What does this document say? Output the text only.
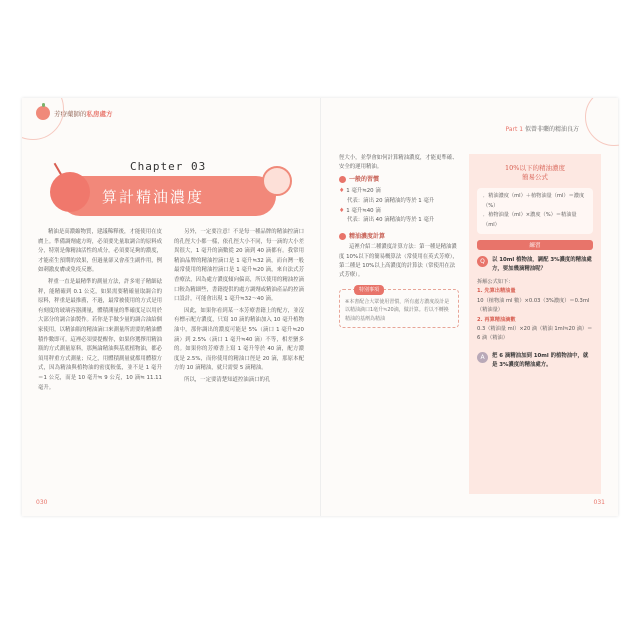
芳療藥師的私房處方
Chapter 03
算計精油濃度

精油是高濃縮物質，建議稀釋後，才能使用在皮膚上。準備調劑處方時，必須要先量取調合的原料成分，特別是像精油活性的成分，必須要足夠的濃度，才能產生預期的效果，但過量卻又會產生副作用，例如刺激皮膚或免疫反應。

秤重一直是最精準的測量方法，許多電子精細砝秤，能精確到 0.1 公克，如果需要精確量取調合的原料，秤重是最推薦，不過，最常被使用的方式是用有刻度的玻璃容器測量，體積測量的準確度足以用於大部分的調合油製作。若你是手做少量的調合油給個家使用，以精油瓶的精油滴口來測量所需要的精油體積作數即可。這裡必須要提醒你，如果你選擇用精油瓶的方式測量原料，那無論精油與基底植物油，都必須用秤重方式測量；反之，用體積測量就都用體積方式，因為精油與植物油的密度較低，並不是 1 毫升＝1 公克，而是 10 毫升≒ 9 公克，10 滴≒ 11.11 毫升。

另外，一定要注意！不是每一種品牌的精油控滴口的孔徑大小都一樣，依孔徑大小不同，每一滴的大小差異很大，1 毫升的滴數從 20 滴到 40 滴都有。我常用精油品牌的精油控滴口是 1 毫升≒32 滴，而台灣一般最常使用的精油控滴口是 1 毫升≒20 滴，來自法式芳香療法，因為處方濃度傾向偏高，所以使用的精油控滴口較為精細些，書籍提供的處方調劑或精油產品的控滴口設計，可能會出現 1 毫升≒32～40 滴。

因此，如果你看到某一本芳療書籍上的配方，並沒有標示配方濃度，只寫 10 滴的精油加入 10 毫升植物油中，那你調出的濃度可能是 5%（滴口 1 毫升≒20 滴）到 2.5%（滴口 1 毫升≒40 滴）不等，相差蠻多的。如果你的芳療書上寫 1 毫升等於 40 滴，配方濃度是 2.5%，而你使用的精油口徑是 20 滴，那原本配方的 10 滴精油，就只需要 5 滴精油。

所以，一定要清楚知道控油滴口的孔

030
Part 1 似曾非藥的精油良方
徑大小，並學會如何計算精油濃度，才能更準確、安全的運用精油。
一般的習慣
♦ 1 毫升≒20 滴
代表：滴出 20 滴精油約等於 1 毫升
♦ 1 毫升≒40 滴
代表：滴出 40 滴精油約等於 1 毫升
精油濃度計算
這裡介紹二種濃度計算方法：第一種是精油濃度 10%以下的簡易概算法（常使用在英式芳療），第二種是 10%以上高濃度的計算法（常使用在法式芳療）。
特別事項
※本書配合大眾使用習慣，所有處方濃度設計是以精油滴口1毫升≒20滴，做計算。若以不轉換精油的基劑為精油
10%以下的精油濃度
簡易公式
．精油濃度（ml）＋植物油量（ml）＝濃度（%）
．植物油量（ml）×濃度（%）＝精油量（ml）
練習
Q	以 10ml 植物油，調配 3%濃度的精油處方，要加幾滴精油呢？
拆解公式如下：
1. 先算出精油量
10（植物油 ml 數）×0.03（3%濃度）＝0.3ml（精油量）
2. 再算精油滴數
0.3（精油量 ml）×20 滴（精油 1ml≒20 滴）＝6 滴（精油）
A	把 6 滴精油加到 10ml 的植物油中，就是 3%濃度的精油處方。
031
